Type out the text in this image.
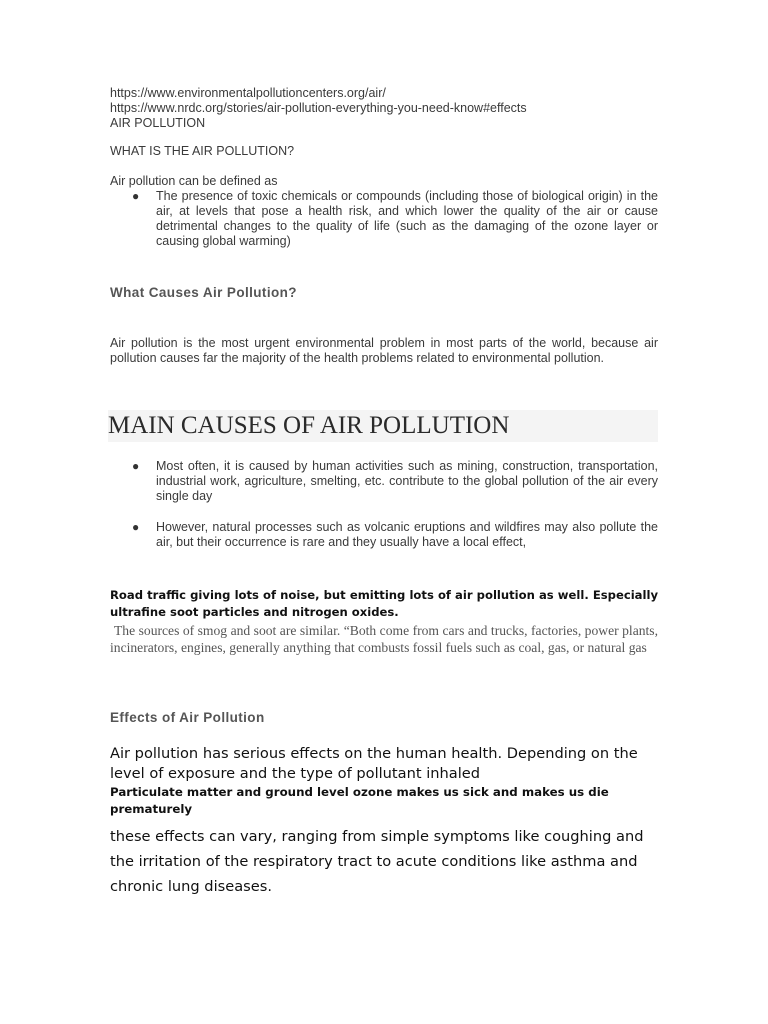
https://www.environmentalpollutioncenters.org/air/
https://www.nrdc.org/stories/air-pollution-everything-you-need-know#effects
AIR POLLUTION
WHAT IS THE AIR POLLUTION?
Air pollution can be defined as
● The presence of toxic chemicals or compounds (including those of biological origin) in the air, at levels that pose a health risk, and which lower the quality of the air or cause detrimental changes to the quality of life (such as the damaging of the ozone layer or causing global warming)
What Causes Air Pollution?
Air pollution is the most urgent environmental problem in most parts of the world, because air pollution causes far the majority of the health problems related to environmental pollution.
MAIN CAUSES OF AIR POLLUTION
● Most often, it is caused by human activities such as mining, construction, transportation, industrial work, agriculture, smelting, etc. contribute to the global pollution of the air every single day
● However, natural processes such as volcanic eruptions and wildfires may also pollute the air, but their occurrence is rare and they usually have a local effect,
Road traffic giving lots of noise, but emitting lots of air pollution as well. Especially ultrafine soot particles and nitrogen oxides.
The sources of smog and soot are similar. “Both come from cars and trucks, factories, power plants, incinerators, engines, generally anything that combusts fossil fuels such as coal, gas, or natural gas
Effects of Air Pollution
Air pollution has serious effects on the human health. Depending on the level of exposure and the type of pollutant inhaled
Particulate matter and ground level ozone makes us sick and makes us die prematurely
these effects can vary, ranging from simple symptoms like coughing and the irritation of the respiratory tract to acute conditions like asthma and chronic lung diseases.
